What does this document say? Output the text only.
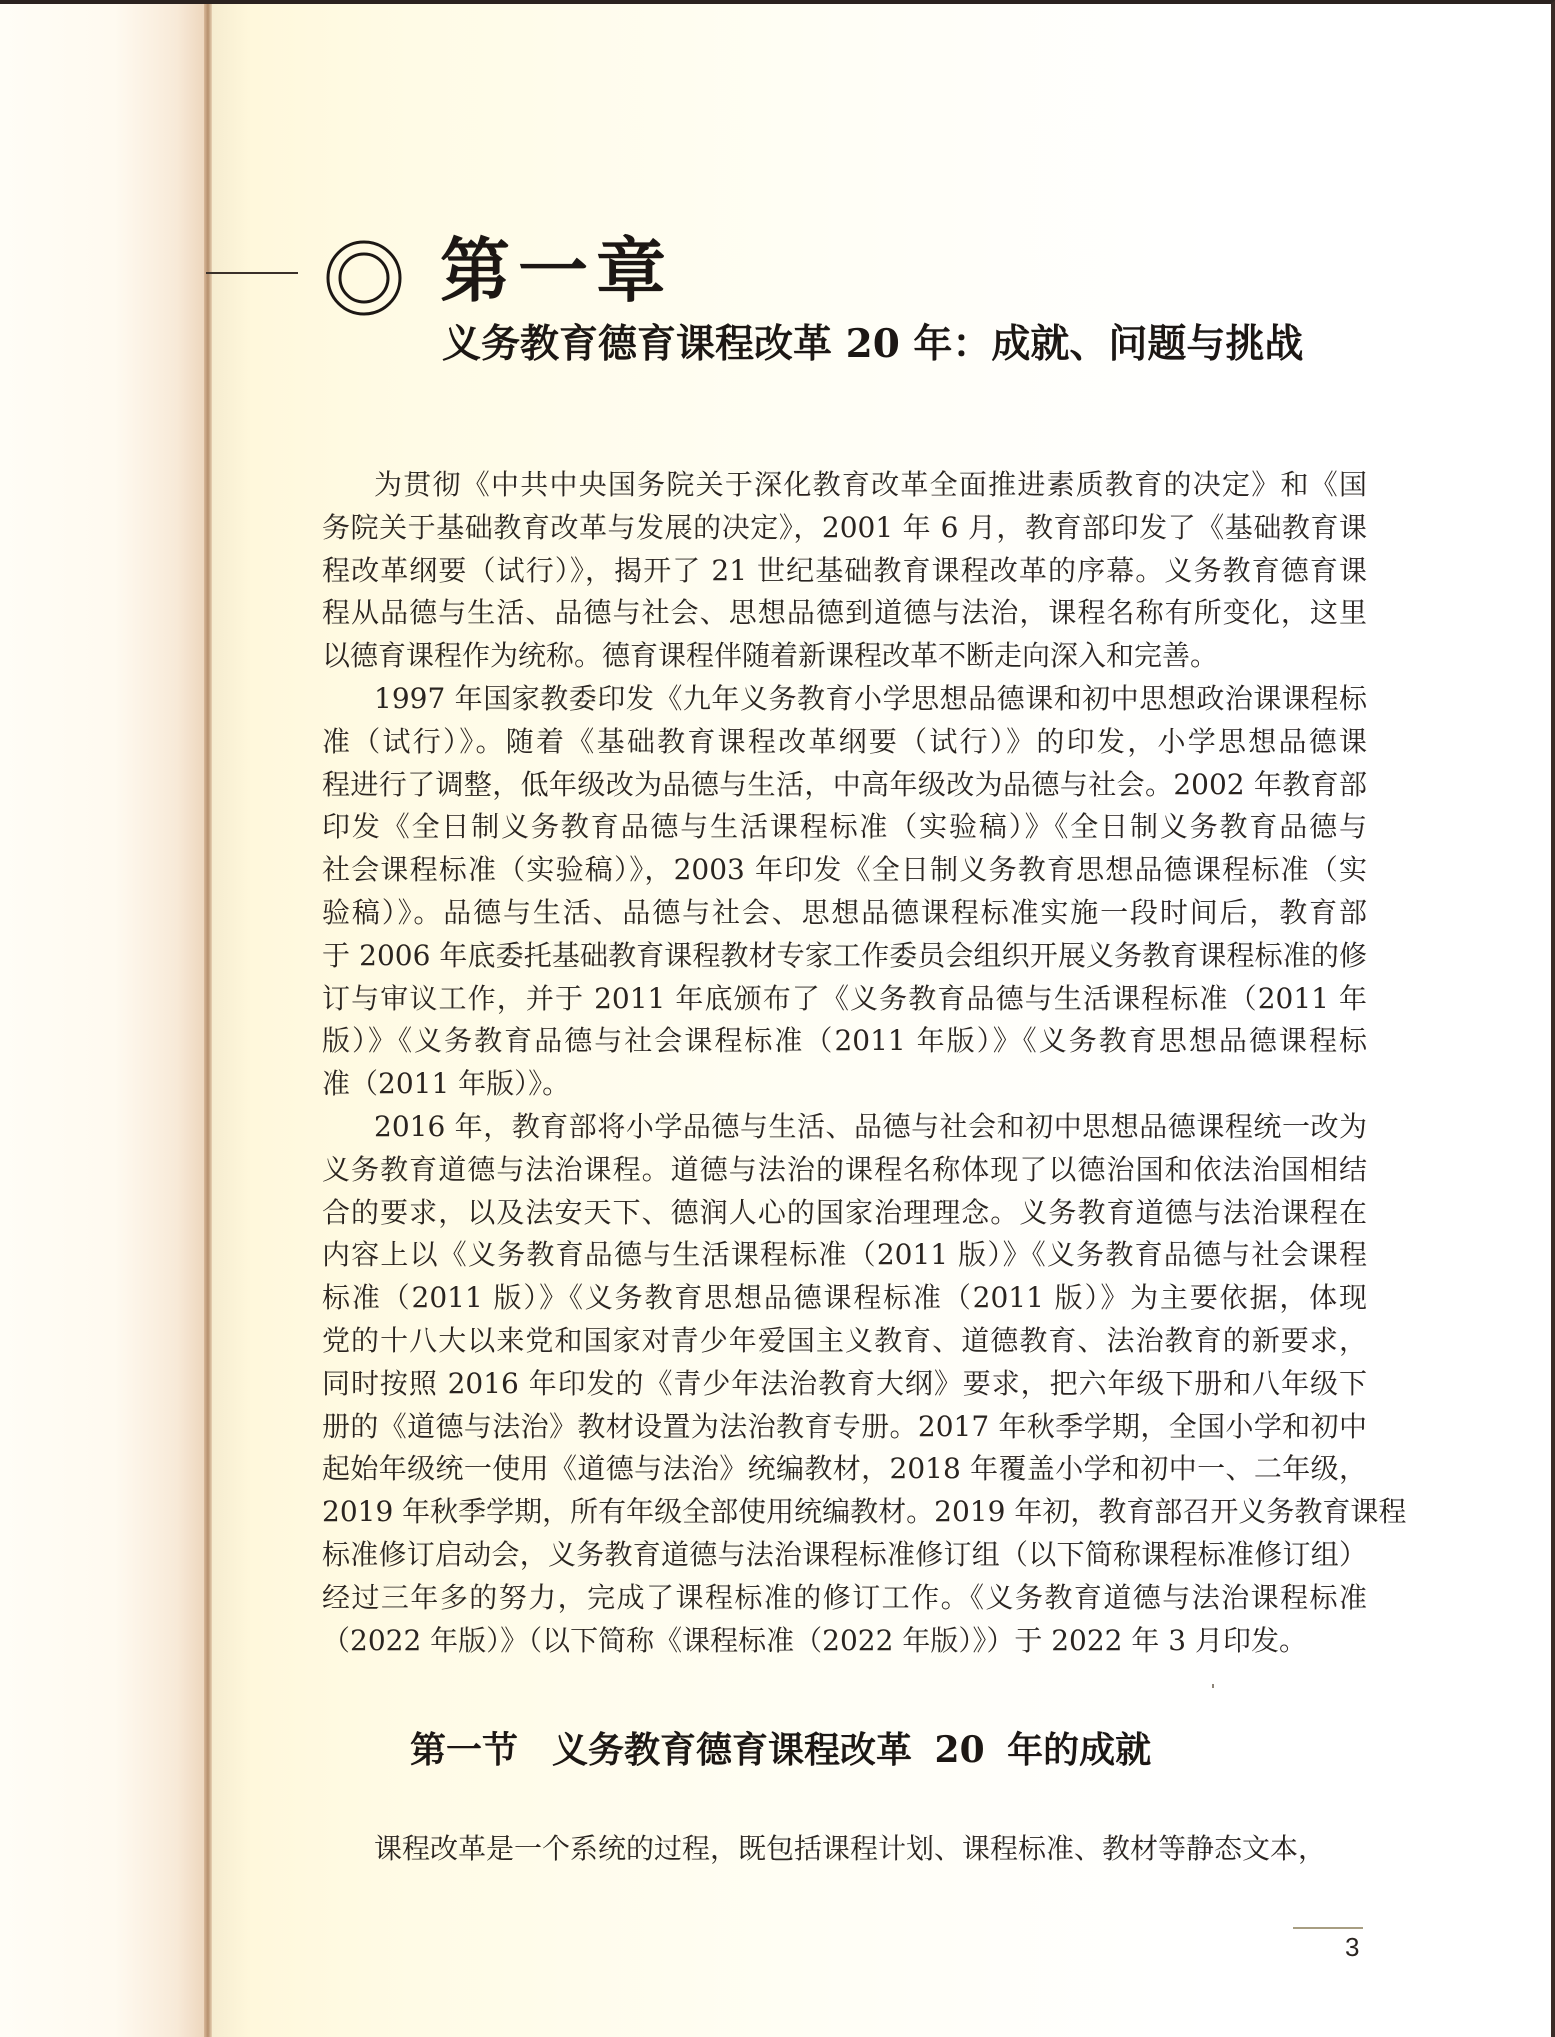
第一章
义务教育德育课程改革 20 年：成就、问题与挑战
为贯彻《中共中央国务院关于深化教育改革全面推进素质教育的决定》和《国
务院关于基础教育改革与发展的决定》，2001 年 6 月，教育部印发了《基础教育课
程改革纲要（试行）》，揭开了 21 世纪基础教育课程改革的序幕。义务教育德育课
程从品德与生活、品德与社会、思想品德到道德与法治，课程名称有所变化，这里
以德育课程作为统称。德育课程伴随着新课程改革不断走向深入和完善。
1997 年国家教委印发《九年义务教育小学思想品德课和初中思想政治课课程标
准（试行）》。随着《基础教育课程改革纲要（试行）》的印发，小学思想品德课
程进行了调整，低年级改为品德与生活，中高年级改为品德与社会。2002 年教育部
印发《全日制义务教育品德与生活课程标准（实验稿）》《全日制义务教育品德与
社会课程标准（实验稿）》，2003 年印发《全日制义务教育思想品德课程标准（实
验稿）》。品德与生活、品德与社会、思想品德课程标准实施一段时间后，教育部
于 2006 年底委托基础教育课程教材专家工作委员会组织开展义务教育课程标准的修
订与审议工作，并于 2011 年底颁布了《义务教育品德与生活课程标准（2011 年
版）》《义务教育品德与社会课程标准（2011 年版）》《义务教育思想品德课程标
准（2011 年版）》。
2016 年，教育部将小学品德与生活、品德与社会和初中思想品德课程统一改为
义务教育道德与法治课程。道德与法治的课程名称体现了以德治国和依法治国相结
合的要求，以及法安天下、德润人心的国家治理理念。义务教育道德与法治课程在
内容上以《义务教育品德与生活课程标准（2011 版）》《义务教育品德与社会课程
标准（2011 版）》《义务教育思想品德课程标准（2011 版）》为主要依据，体现
党的十八大以来党和国家对青少年爱国主义教育、道德教育、法治教育的新要求，
同时按照 2016 年印发的《青少年法治教育大纲》要求，把六年级下册和八年级下
册的《道德与法治》教材设置为法治教育专册。2017 年秋季学期，全国小学和初中
起始年级统一使用《道德与法治》统编教材，2018 年覆盖小学和初中一、二年级，
2019 年秋季学期，所有年级全部使用统编教材。2019 年初，教育部召开义务教育课程
标准修订启动会，义务教育道德与法治课程标准修订组（以下简称课程标准修订组）
经过三年多的努力，完成了课程标准的修订工作。《义务教育道德与法治课程标准
（2022 年版）》（以下简称《课程标准（2022 年版）》）于 2022 年 3 月印发。
第一节 义务教育德育课程改革 20 年的成就
课程改革是一个系统的过程，既包括课程计划、课程标准、教材等静态文本，
3
